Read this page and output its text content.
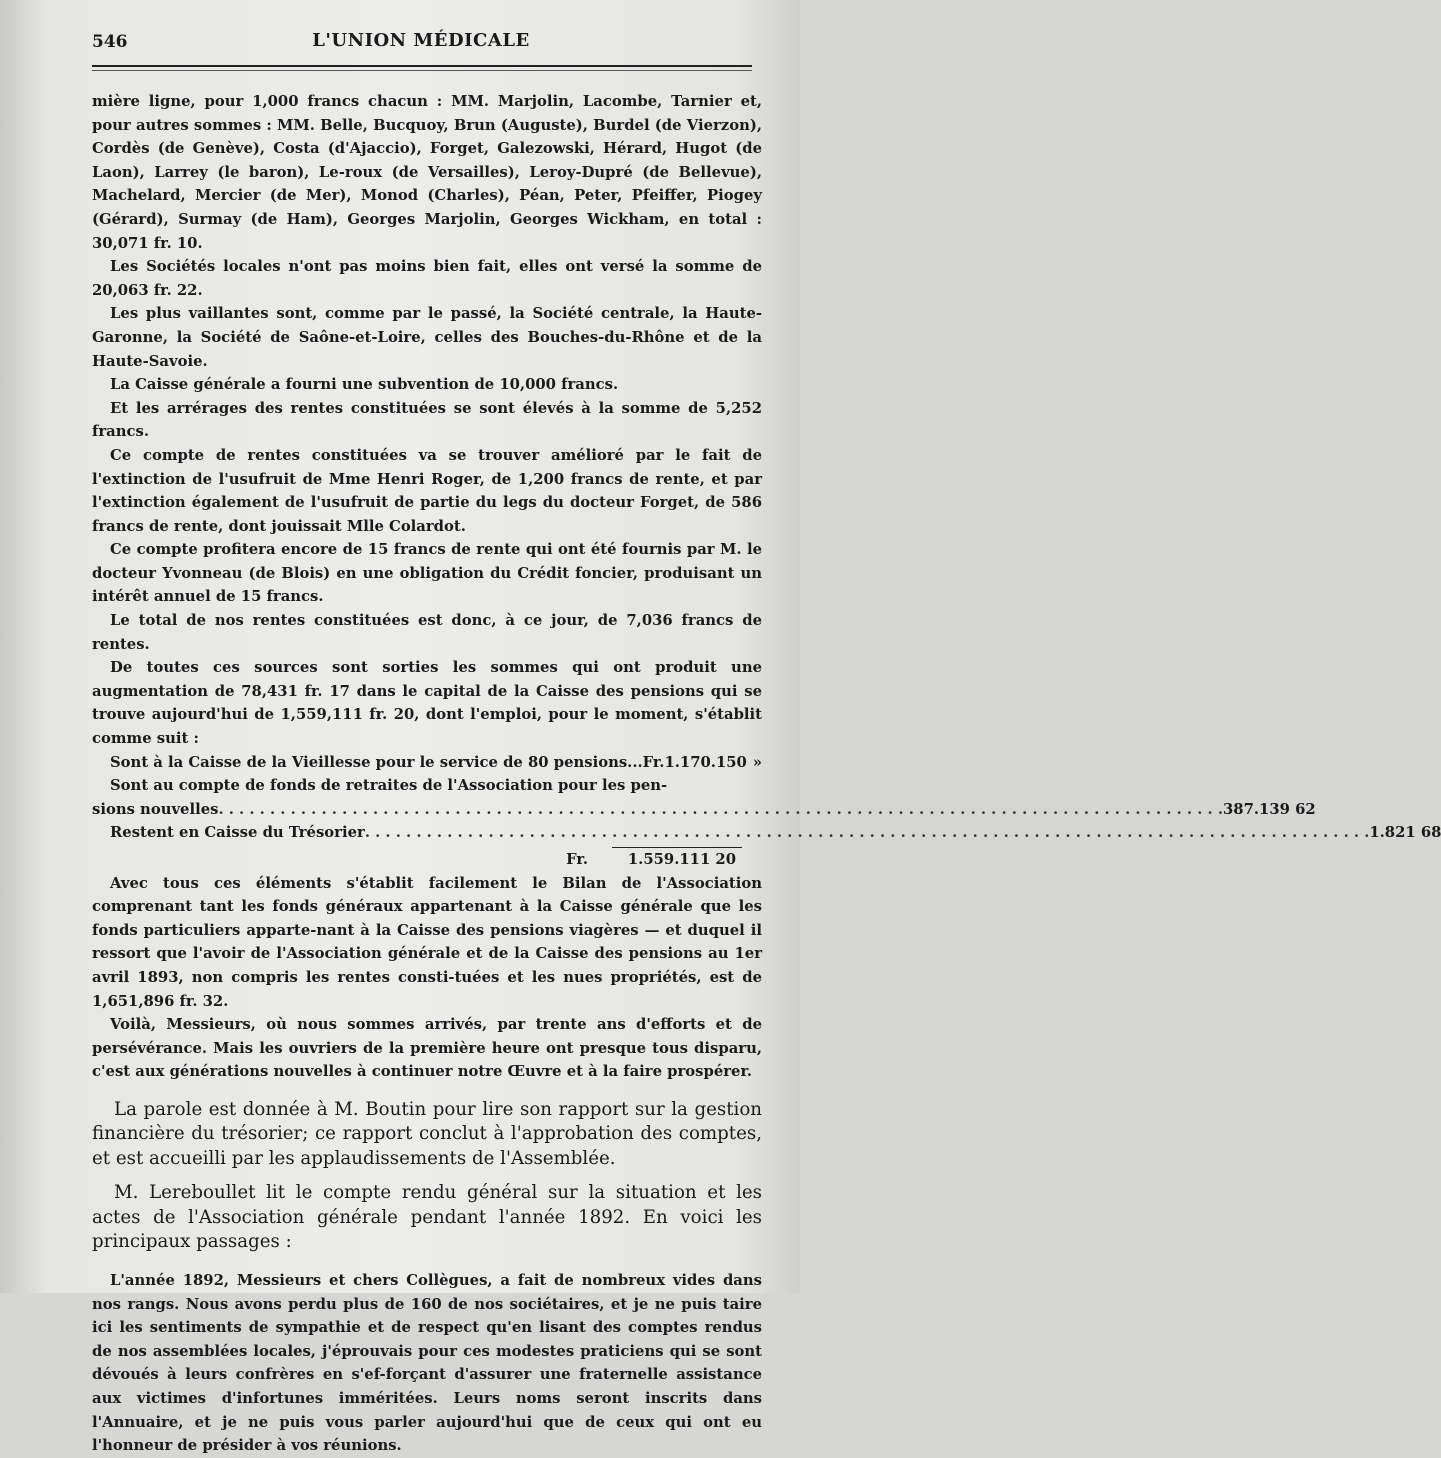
546	L'UNION MÉDICALE

mière ligne, pour 1,000 francs chacun : MM. Marjolin, Lacombe, Tarnier et, pour autres sommes : MM. Belle, Bucquoy, Brun (Auguste), Burdel (de Vierzon), Cordès (de Genève), Costa (d'Ajaccio), Forget, Galezowski, Hérard, Hugot (de Laon), Larrey (le baron), Le-roux (de Versailles), Leroy-Dupré (de Bellevue), Machelard, Mercier (de Mer), Monod (Charles), Péan, Peter, Pfeiffer, Piogey (Gérard), Surmay (de Ham), Georges Marjolin, Georges Wickham, en total : 30,071 fr. 10.

Les Sociétés locales n'ont pas moins bien fait, elles ont versé la somme de 20,063 fr. 22.

Les plus vaillantes sont, comme par le passé, la Société centrale, la Haute-Garonne, la Société de Saône-et-Loire, celles des Bouches-du-Rhône et de la Haute-Savoie.

La Caisse générale a fourni une subvention de 10,000 francs.

Et les arrérages des rentes constituées se sont élevés à la somme de 5,252 francs.

Ce compte de rentes constituées va se trouver amélioré par le fait de l'extinction de l'usufruit de Mme Henri Roger, de 1,200 francs de rente, et par l'extinction également de l'usufruit de partie du legs du docteur Forget, de 586 francs de rente, dont jouissait Mlle Colardot.

Ce compte profitera encore de 15 francs de rente qui ont été fournis par M. le docteur Yvonneau (de Blois) en une obligation du Crédit foncier, produisant un intérêt annuel de 15 francs.

Le total de nos rentes constituées est donc, à ce jour, de 7,036 francs de rentes.

De toutes ces sources sont sorties les sommes qui ont produit une augmentation de 78,431 fr. 17 dans le capital de la Caisse des pensions qui se trouve aujourd'hui de 1,559,111 fr. 20, dont l'emploi, pour le moment, s'établit comme suit :

Sont à la Caisse de la Vieillesse pour le service de 80 pensions...Fr. 1.170.150 »
Sont au compte de fonds de retraites de l'Association pour les pen-
sions nouvelles . . .	387.139 62
Restent en Caisse du Trésorier . . .	1.821 68
Fr.	1.559.111 20

Avec tous ces éléments s'établit facilement le Bilan de l'Association comprenant tant les fonds généraux appartenant à la Caisse générale que les fonds particuliers apparte-nant à la Caisse des pensions viagères — et duquel il ressort que l'avoir de l'Association générale et de la Caisse des pensions au 1er avril 1893, non compris les rentes consti-tuées et les nues propriétés, est de 1,651,896 fr. 32.

Voilà, Messieurs, où nous sommes arrivés, par trente ans d'efforts et de persévérance. Mais les ouvriers de la première heure ont presque tous disparu, c'est aux générations nouvelles à continuer notre Œuvre et à la faire prospérer.

La parole est donnée à M. Boutin pour lire son rapport sur la gestion financière du trésorier; ce rapport conclut à l'approbation des comptes, et est accueilli par les applaudissements de l'Assemblée.

M. Lereboullet lit le compte rendu général sur la situation et les actes de l'Association générale pendant l'année 1892. En voici les principaux passages :

L'année 1892, Messieurs et chers Collègues, a fait de nombreux vides dans nos rangs. Nous avons perdu plus de 160 de nos sociétaires, et je ne puis taire ici les sentiments de sympathie et de respect qu'en lisant des comptes rendus de nos assemblées locales, j'éprouvais pour ces modestes praticiens qui se sont dévoués à leurs confrères en s'ef-forçant d'assurer une fraternelle assistance aux victimes d'infortunes imméritées. Leurs noms seront inscrits dans l'Annuaire, et je ne puis vous parler aujourd'hui que de ceux qui ont eu l'honneur de présider à vos réunions.
